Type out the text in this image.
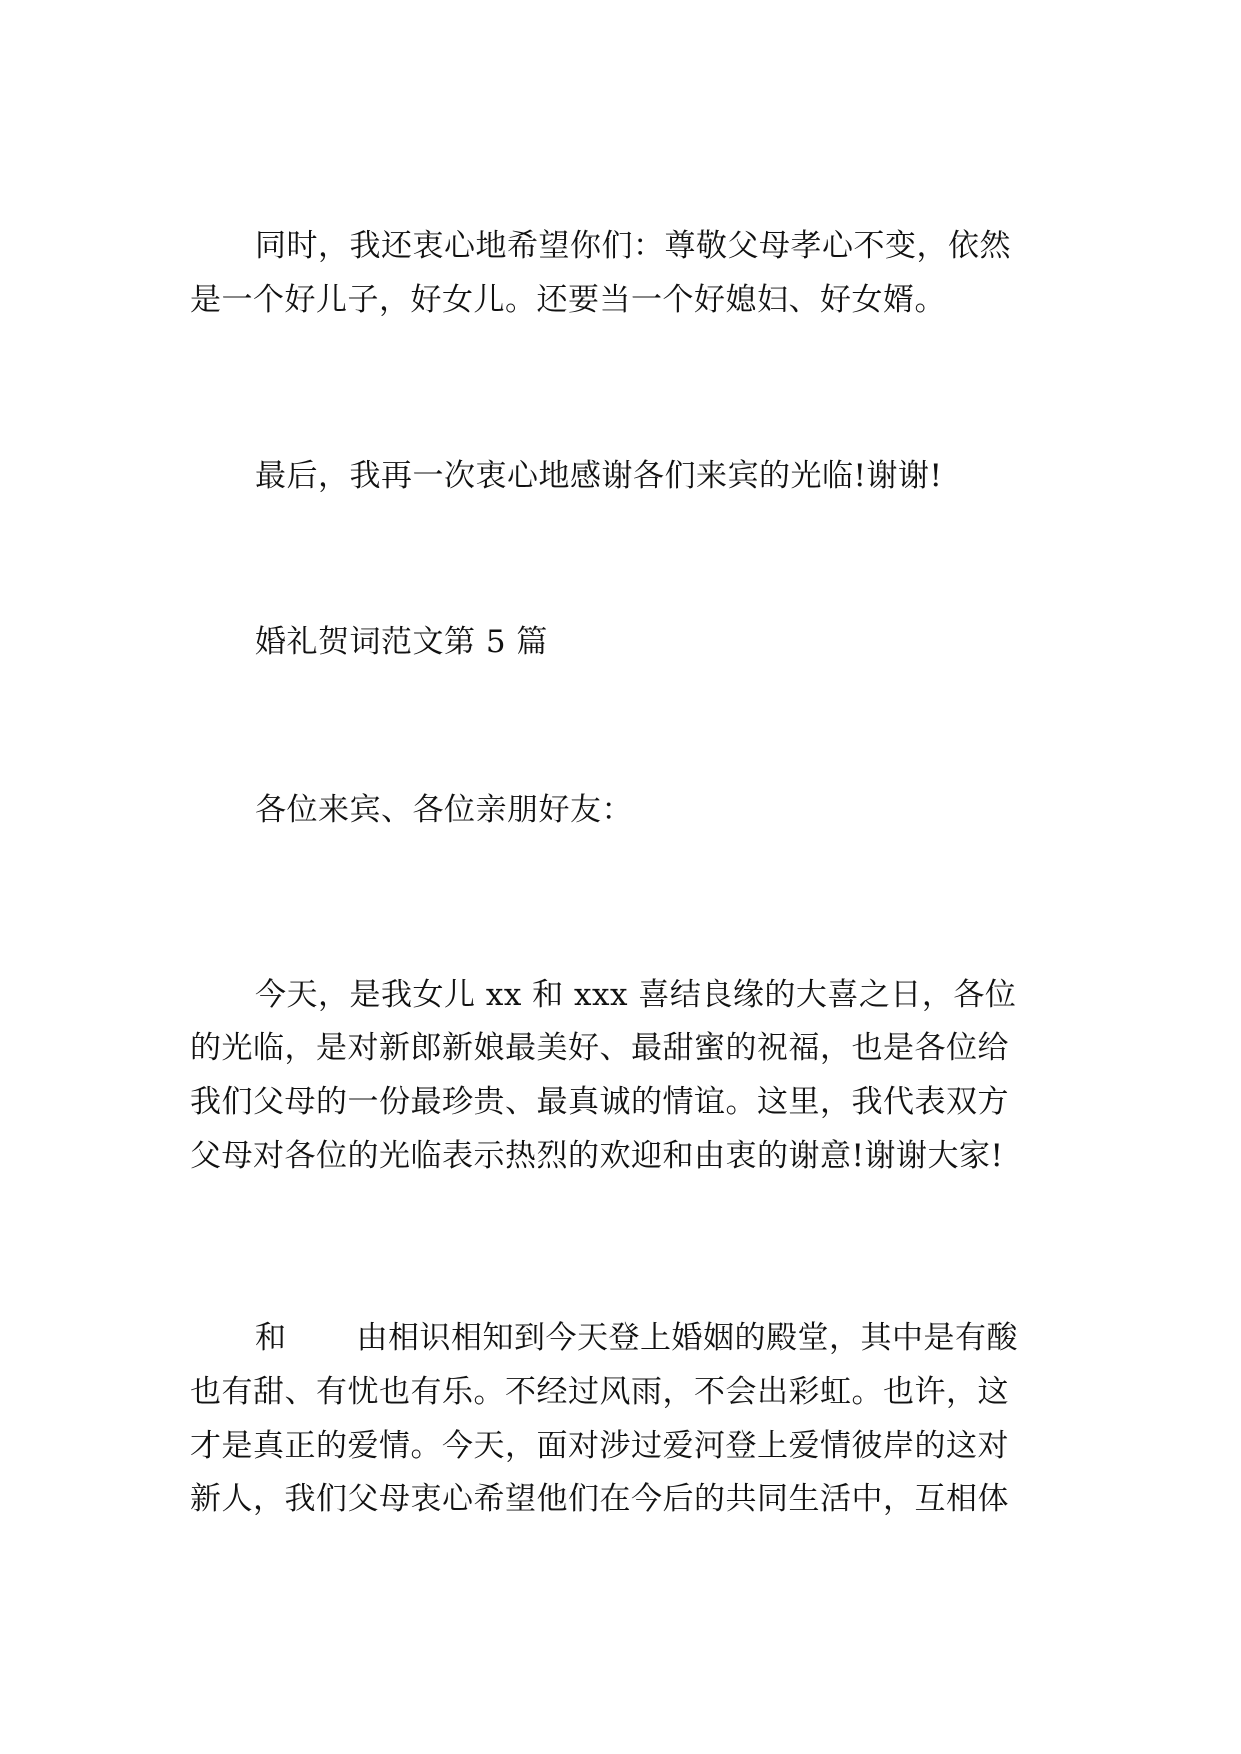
同时，我还衷心地希望你们：尊敬父母孝心不变，依然
是一个好儿子，好女儿。还要当一个好媳妇、好女婿。
最后，我再一次衷心地感谢各们来宾的光临!谢谢!
婚礼贺词范文第 5 篇
各位来宾、各位亲朋好友：
今天，是我女儿 xx 和 xxx 喜结良缘的大喜之日，各位
的光临，是对新郎新娘最美好、最甜蜜的祝福，也是各位给
我们父母的一份最珍贵、最真诚的情谊。这里，我代表双方
父母对各位的光临表示热烈的欢迎和由衷的谢意!谢谢大家!
和 由相识相知到今天登上婚姻的殿堂，其中是有酸
也有甜、有忧也有乐。不经过风雨，不会出彩虹。也许，这
才是真正的爱情。今天，面对涉过爱河登上爱情彼岸的这对
新人，我们父母衷心希望他们在今后的共同生活中，互相体
